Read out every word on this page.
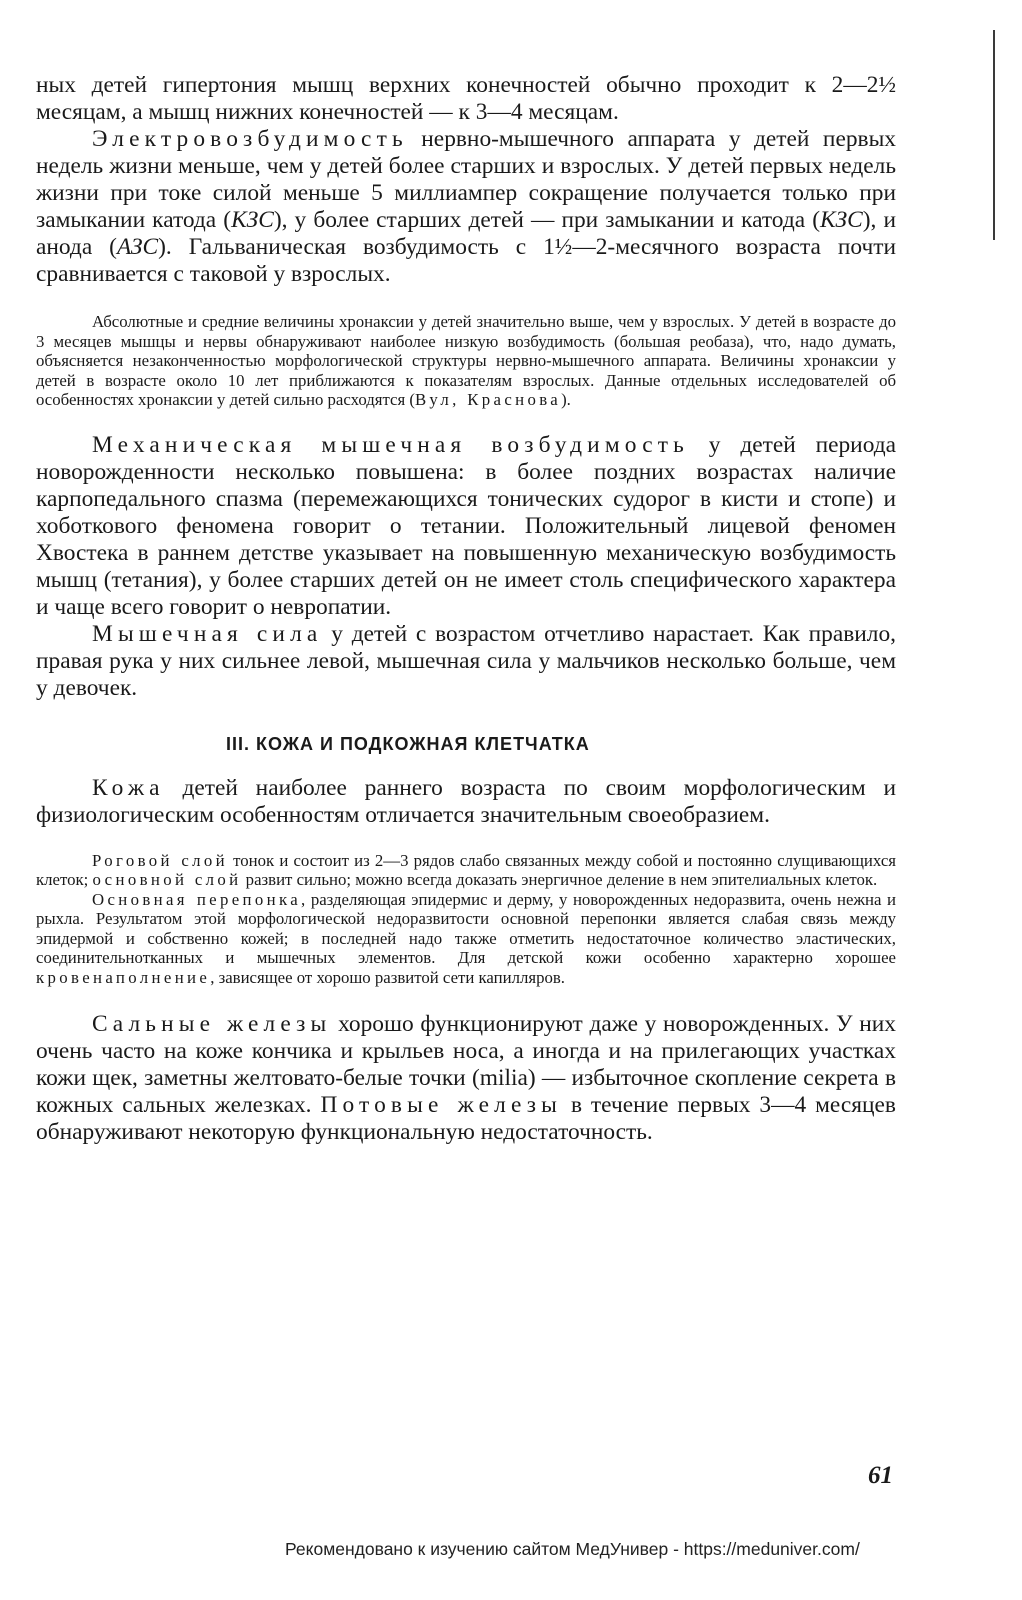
ных детей гипертония мышц верхних конечностей обычно проходит к 2—2½ месяцам, а мышц нижних конечностей — к 3—4 месяцам.

Электровозбудимость нервно-мышечного аппарата у детей первых недель жизни меньше, чем у детей более старших и взрослых. У детей первых недель жизни при токе силой меньше 5 миллиампер сокращение получается только при замыкании катода (КЗС), у более старших детей — при замыкании и катода (КЗС), и анода (АЗС). Гальваническая возбудимость с 1½—2-месячного возраста почти сравнивается с таковой у взрослых.

Абсолютные и средние величины хронаксии у детей значительно выше, чем у взрослых. У детей в возрасте до 3 месяцев мышцы и нервы обнаруживают наиболее низкую возбудимость (большая реобаза), что, надо думать, объясняется незаконченностью морфологической структуры нервно-мышечного аппарата. Величины хронаксии у детей в возрасте около 10 лет приближаются к показателям взрослых. Данные отдельных исследователей об особенностях хронаксии у детей сильно расходятся (Вул, Краснова).

Механическая мышечная возбудимость у детей периода новорожденности несколько повышена: в более поздних возрастах наличие карпопедального спазма (перемежающихся тонических судорог в кисти и стопе) и хоботкового феномена говорит о тетании. Положительный лицевой феномен Хвостека в раннем детстве указывает на повышенную механическую возбудимость мышц (тетания), у более старших детей он не имеет столь специфического характера и чаще всего говорит о невропатии.

Мышечная сила у детей с возрастом отчетливо нарастает. Как правило, правая рука у них сильнее левой, мышечная сила у мальчиков несколько больше, чем у девочек.

III. КОЖА И ПОДКОЖНАЯ КЛЕТЧАТКА

Кожа детей наиболее раннего возраста по своим морфологическим и физиологическим особенностям отличается значительным своеобразием.

Роговой слой тонок и состоит из 2—3 рядов слабо связанных между собой и постоянно слущивающихся клеток; основной слой развит сильно; можно всегда доказать энергичное деление в нем эпителиальных клеток.

Основная перепонка, разделяющая эпидермис и дерму, у новорожденных недоразвита, очень нежна и рыхла. Результатом этой морфологической недоразвитости основной перепонки является слабая связь между эпидермой и собственно кожей; в последней надо также отметить недостаточное количество эластических, соединительнотканных и мышечных элементов. Для детской кожи особенно характерно хорошее кровенаполнение, зависящее от хорошо развитой сети капилляров.

Сальные железы хорошо функционируют даже у новорожденных. У них очень часто на коже кончика и крыльев носа, а иногда и на прилегающих участках кожи щек, заметны желтовато-белые точки (milia) — избыточное скопление секрета в кожных сальных железках. Потовые железы в течение первых 3—4 месяцев обнаруживают некоторую функциональную недостаточность.

61
Рекомендовано к изучению сайтом МедУнивер - https://meduniver.com/
